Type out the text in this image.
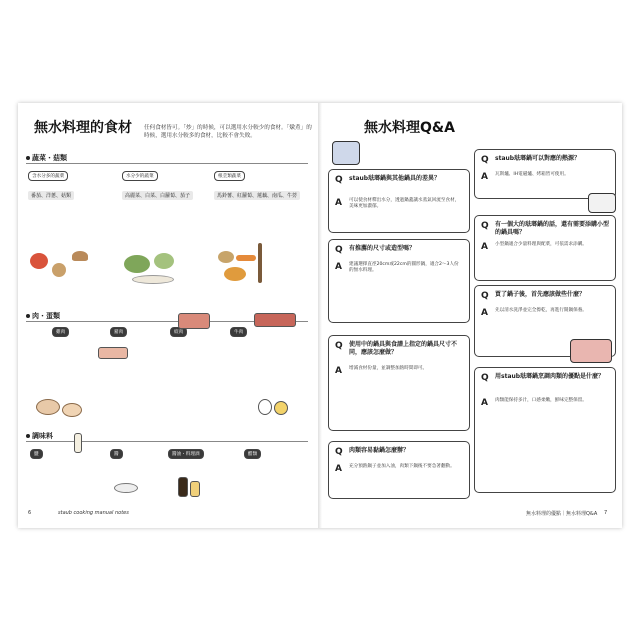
無水料理的食材 任何食材皆可。「炒」的時候，可以選用水分較少的食材。「燉煮」的時候，選用水分較多的食材，比較不會失敗。
蔬菜・菇類
含水分多的蔬菜	水分少的蔬菜	根莖類蔬菜
番茄、洋蔥、菇類	高麗菜、白菜、白蘿蔔、茄子	馬鈴薯、紅蘿蔔、蓮藕、南瓜、牛蒡
肉・蛋類
雞肉	豬肉	絞肉	牛肉
調味料
鹽	醬	醬油・料理酒	醋類
6	staub cooking manual notes
無水料理Q&A
Q staub琺瑯鍋與其他鍋具的差異？
A 可以使食材釋出水分，透過鍋蓋讓水蒸氣回流至食材，美味更加濃郁。
Q 有推薦的尺寸或造型嗎？
A 建議選擇直徑20cm或22cm的圓形鍋，適合2〜3人份的無水料理。
Q 使用中的鍋具與食譜上指定的鍋具尺寸不同，應該怎麼做？
A 增減食材份量，並調整加熱時間即可。
Q 肉類容易黏鍋怎麼辦？
A 充分預熱鍋子並加入油，肉類下鍋後不要急著翻動。
Q staub琺瑯鍋可以對應的熱源？
A 瓦斯爐、IH電磁爐、烤箱皆可使用。
Q 有一個大的琺瑯鍋的話，還有需要添購小型的鍋具嗎？
A 小型鍋適合少量料理與配菜，可依需求添購。
Q 買了鍋子後，首先應該做些什麼？
A 先以清水洗淨並完全擦乾，再進行開鍋保養。
Q 用staub琺瑯鍋烹調肉類的優點是什麼？
A 肉類能保持多汁，口感柔嫩，鮮味完整保留。
無水料理的優點｜無水料理Q&A 7
